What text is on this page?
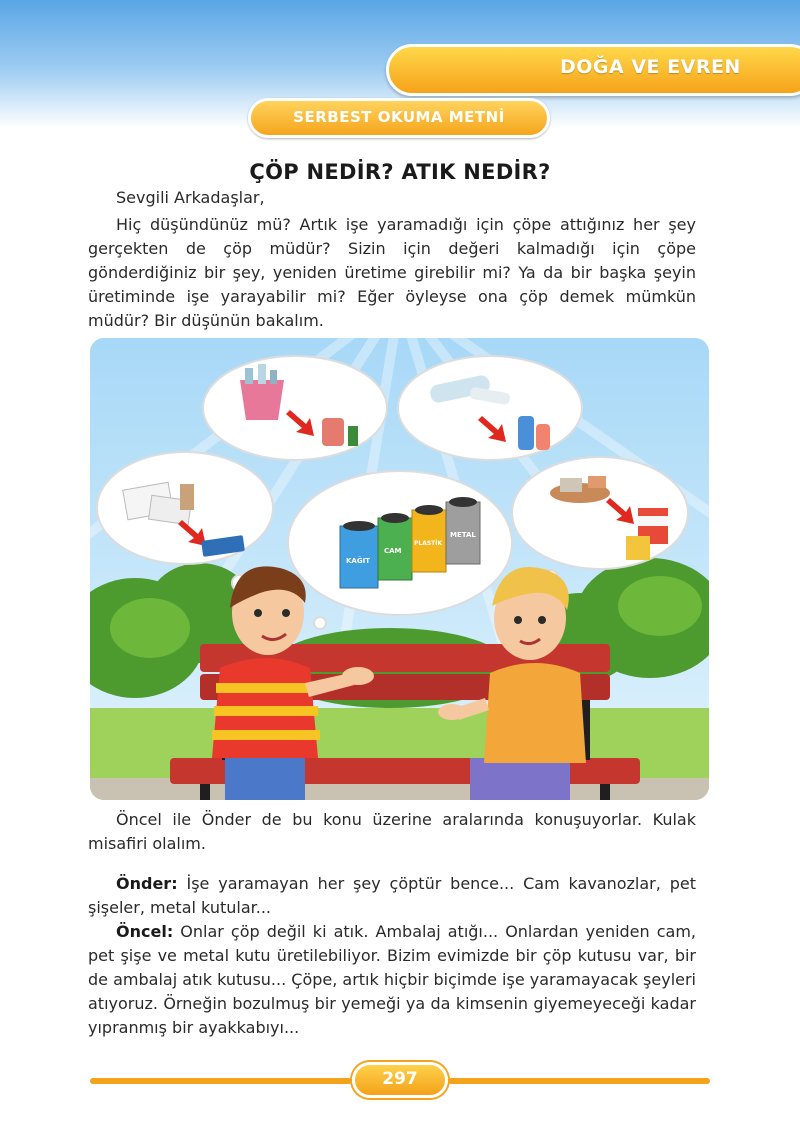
DOĞA VE EVREN
SERBEST OKUMA METNİ
ÇÖP NEDİR? ATIK NEDİR?

Sevgili Arkadaşlar,

Hiç düşündünüz mü? Artık işe yaramadığı için çöpe attığınız her şey gerçekten de çöp müdür? Sizin için değeri kalmadığı için çöpe gönderdiğiniz bir şey, yeniden üretime girebilir mi? Ya da bir başka şeyin üretiminde işe yarayabilir mi? Eğer öyleyse ona çöp demek mümkün müdür? Bir düşünün bakalım.

KAĞIT
CAM
PLASTİK
METAL

Öncel ile Önder de bu konu üzerine aralarında konuşuyorlar. Kulak misafiri olalım.

Önder: İşe yaramayan her şey çöptür bence... Cam kavanozlar, pet şişeler, metal kutular...

Öncel: Onlar çöp değil ki atık. Ambalaj atığı... Onlardan yeniden cam, pet şişe ve metal kutu üretilebiliyor. Bizim evimizde bir çöp kutusu var, bir de ambalaj atık kutusu... Çöpe, artık hiçbir biçimde işe yaramayacak şeyleri atıyoruz. Örneğin bozulmuş bir yemeği ya da kimsenin giyemeyeceği kadar yıpranmış bir ayakkabıyı...

297
